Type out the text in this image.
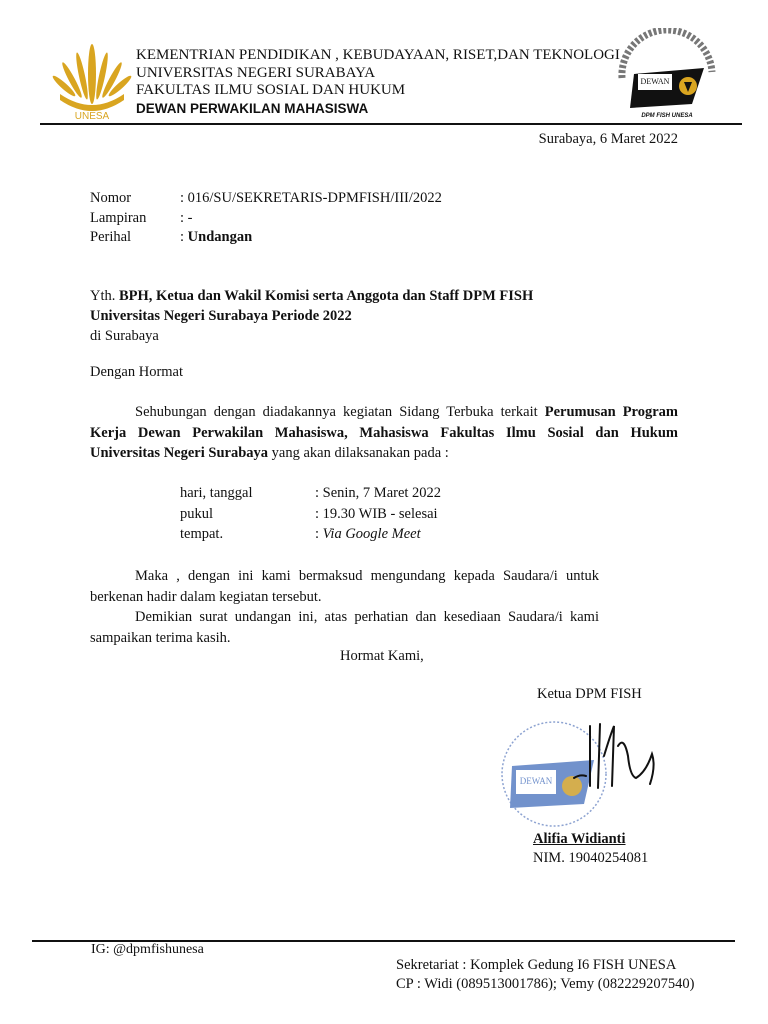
UNESA
KEMENTRIAN PENDIDIKAN , KEBUDAYAAN, RISET,DAN TEKNOLOGI
UNIVERSITAS NEGERI SURABAYA
FAKULTAS ILMU SOSIAL DAN HUKUM
DEWAN PERWAKILAN MAHASISWA
DEWAN
DPM FISH UNESA
Surabaya, 6 Maret 2022
Nomor	: 016/SU/SEKRETARIS-DPMFISH/III/2022
Lampiran	: -
Perihal	: Undangan
Yth. BPH, Ketua dan Wakil Komisi serta Anggota dan Staff DPM FISH
Universitas Negeri Surabaya Periode 2022
di Surabaya
Dengan Hormat
Sehubungan dengan diadakannya kegiatan Sidang Terbuka terkait Perumusan Program Kerja Dewan Perwakilan Mahasiswa, Mahasiswa Fakultas Ilmu Sosial dan Hukum Universitas Negeri Surabaya yang akan dilaksanakan pada :
hari, tanggal	: Senin, 7 Maret 2022
pukul	: 19.30 WIB - selesai
tempat.	: Via Google Meet
Maka , dengan ini kami bermaksud mengundang kepada Saudara/i untuk berkenan hadir dalam kegiatan tersebut.
Demikian surat undangan ini, atas perhatian dan kesediaan Saudara/i kami sampaikan terima kasih.
Hormat Kami,
Ketua DPM FISH
DEWAN
Alifia Widianti
NIM. 19040254081
IG: @dpmfishunesa
Sekretariat : Komplek Gedung I6 FISH UNESA
CP : Widi (089513001786); Vemy (082229207540)
